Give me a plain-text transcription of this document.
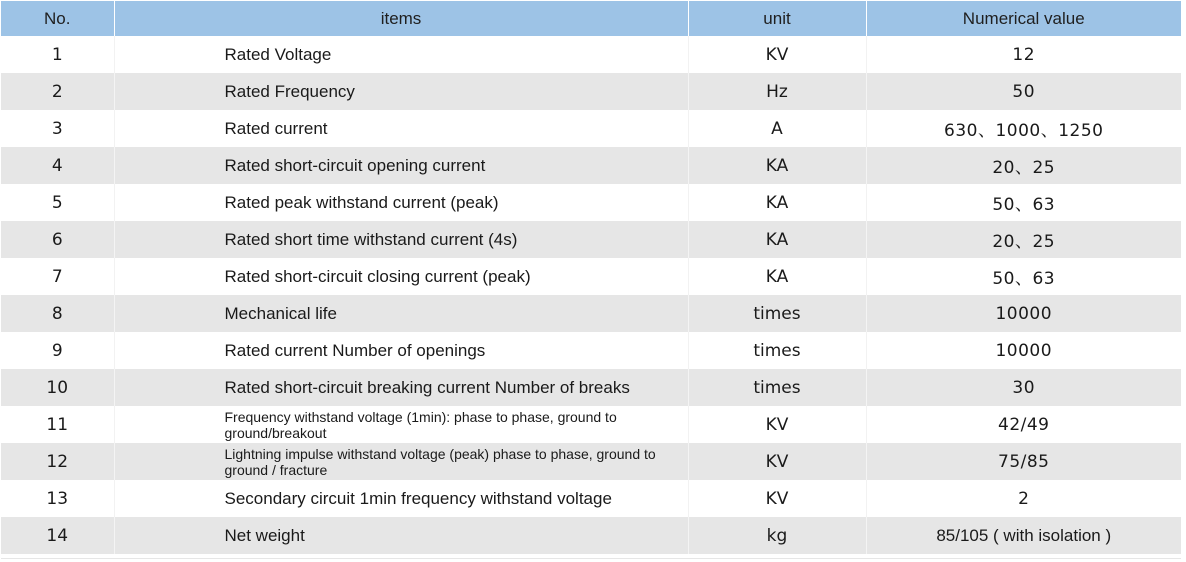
No.	items	unit	Numerical value
1	Rated Voltage	KV	12
2	Rated Frequency	Hz	50
3	Rated current	A	630、1000、1250
4	Rated short-circuit opening current	KA	20、25
5	Rated peak withstand current (peak)	KA	50、63
6	Rated short time withstand current (4s)	KA	20、25
7	Rated short-circuit closing current (peak)	KA	50、63
8	Mechanical life	times	10000
9	Rated current Number of openings	times	10000
10	Rated short-circuit breaking current Number of breaks	times	30
11	Frequency withstand voltage (1min): phase to phase, ground to ground/breakout	KV	42/49
12	Lightning impulse withstand voltage (peak) phase to phase, ground to ground / fracture	KV	75/85
13	Secondary circuit 1min frequency withstand voltage	KV	2
14	Net weight	kg	85/105 ( with isolation )
